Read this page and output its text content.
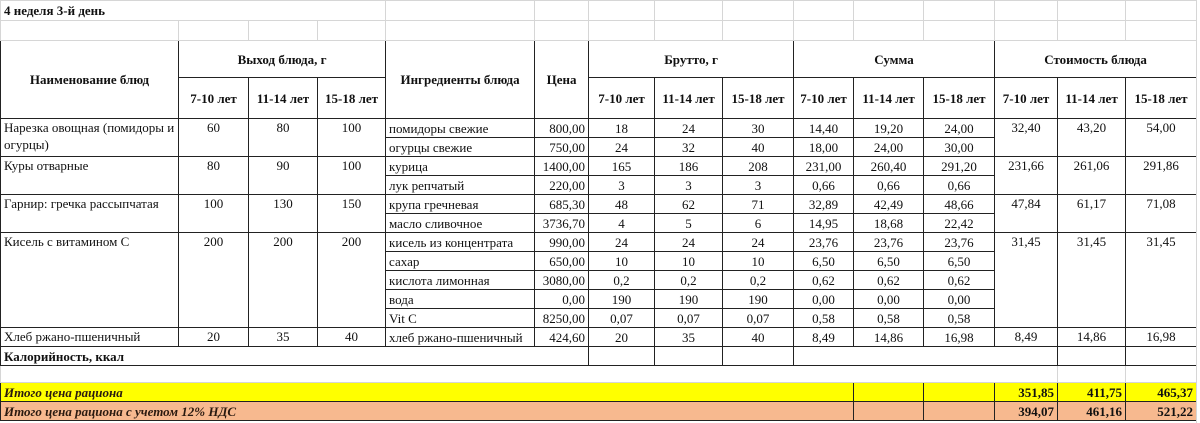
4 неделя 3-й день														

Наименование блюд	Выход блюда, г			Ингредиенты блюда	Цена	Брутто, г			Сумма			Стоимость блюда		
	7-10 лет	11-14 лет	15-18 лет			7-10 лет	11-14 лет	15-18 лет	7-10 лет	11-14 лет	15-18 лет	7-10 лет	11-14 лет	15-18 лет
Нарезка овощная (помидоры и огурцы)	60	80	100	помидоры свежие	800,00	18	24	30	14,40	19,20	24,00	32,40	43,20	54,00
				огурцы свежие	750,00	24	32	40	18,00	24,00	30,00			
Куры отварные	80	90	100	курица	1400,00	165	186	208	231,00	260,40	291,20	231,66	261,06	291,86
				лук репчатый	220,00	3	3	3	0,66	0,66	0,66			
Гарнир: гречка рассыпчатая	100	130	150	крупа гречневая	685,30	48	62	71	32,89	42,49	48,66	47,84	61,17	71,08
				масло сливочное	3736,70	4	5	6	14,95	18,68	22,42			
Кисель с витамином С	200	200	200	кисель из концентрата	990,00	24	24	24	23,76	23,76	23,76	31,45	31,45	31,45
				сахар	650,00	10	10	10	6,50	6,50	6,50			
				кислота лимонная	3080,00	0,2	0,2	0,2	0,62	0,62	0,62			
				вода	0,00	190	190	190	0,00	0,00	0,00			
				Vit C	8250,00	0,07	0,07	0,07	0,58	0,58	0,58			
Хлеб ржано-пшеничный	20	35	40	хлеб ржано-пшеничный	424,60	20	35	40	8,49	14,86	16,98	8,49	14,86	16,98
Калорийность, ккал														

Итого цена рациона												351,85	411,75	465,37
Итого цена рациона с учетом 12% НДС												394,07	461,16	521,22
